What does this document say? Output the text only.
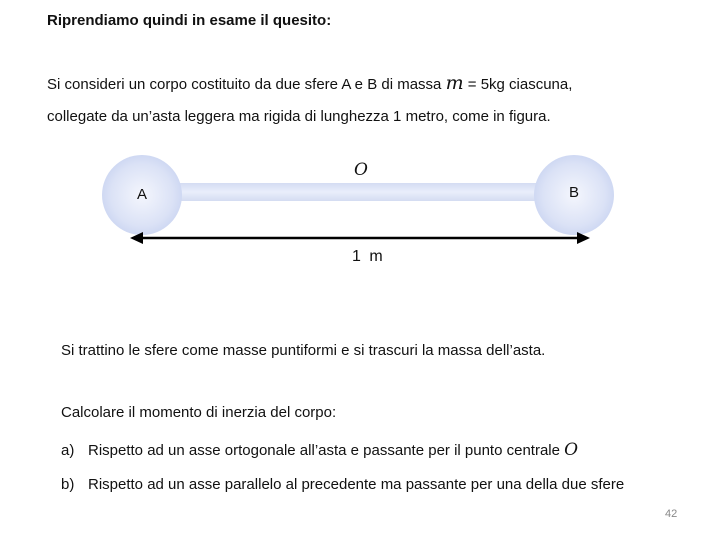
Riprendiamo quindi in esame il quesito:
Si consideri un corpo costituito da due sfere A e B di massa m = 5kg ciascuna,
collegate da un’asta leggera ma rigida di lunghezza 1 metro, come in figura.
A	B
O
1 m
Si trattino le sfere come masse puntiformi e si trascuri la massa dell’asta.
Calcolare il momento di inerzia del corpo:
a) Rispetto ad un asse ortogonale all’asta e passante per il punto centrale O
b) Rispetto ad un asse parallelo al precedente ma passante per una della due sfere
42
